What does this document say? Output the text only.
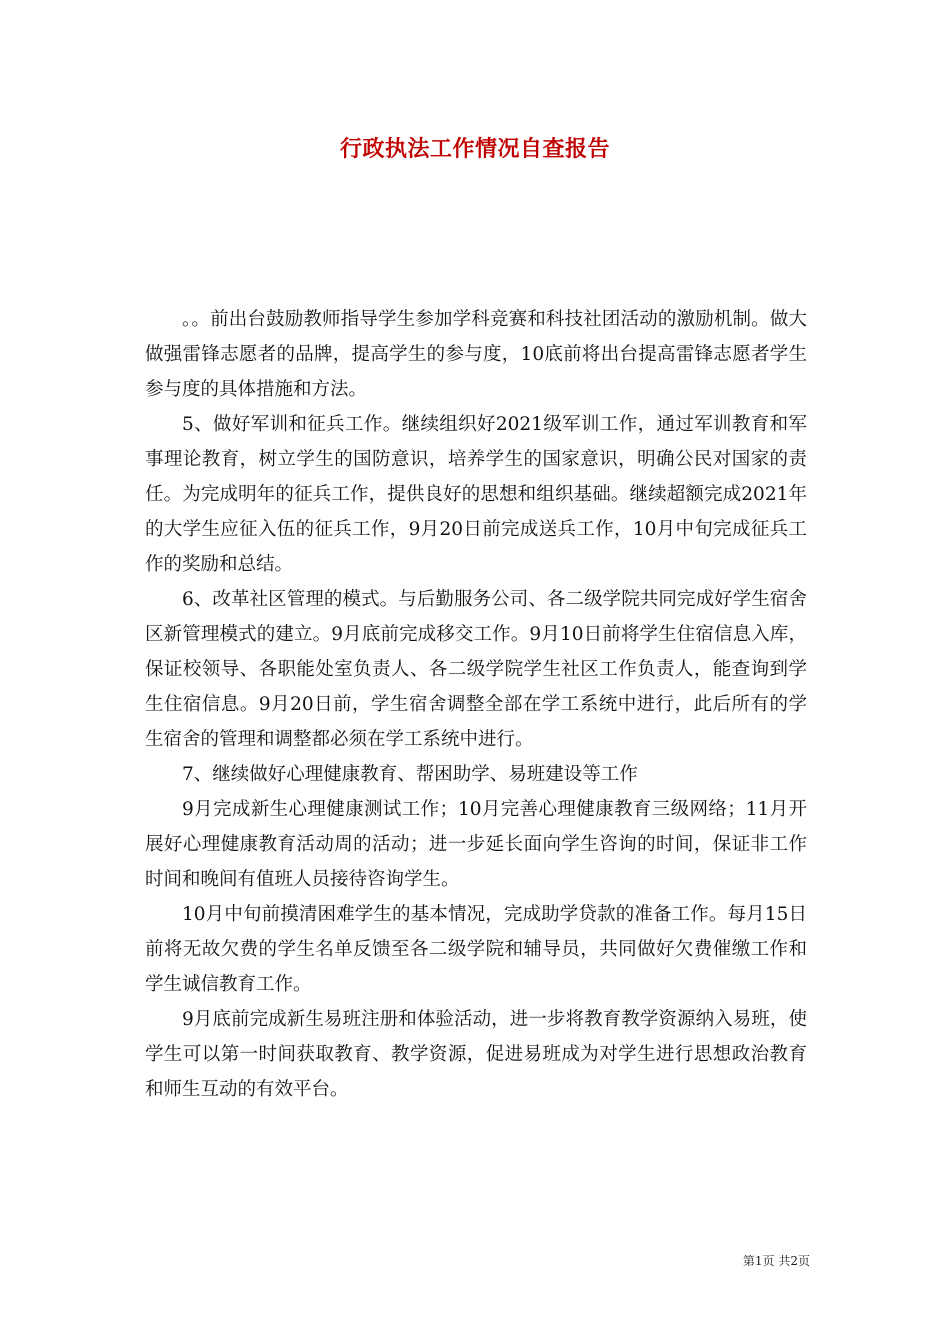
行政执法工作情况自查报告

。。前出台鼓励教师指导学生参加学科竞赛和科技社团活动的激励机制。做大做强雷锋志愿者的品牌，提高学生的参与度，10底前将出台提高雷锋志愿者学生参与度的具体措施和方法。

5、做好军训和征兵工作。继续组织好2021级军训工作，通过军训教育和军事理论教育，树立学生的国防意识，培养学生的国家意识，明确公民对国家的责任。为完成明年的征兵工作，提供良好的思想和组织基础。继续超额完成2021年的大学生应征入伍的征兵工作，9月20日前完成送兵工作，10月中旬完成征兵工作的奖励和总结。

6、改革社区管理的模式。与后勤服务公司、各二级学院共同完成好学生宿舍区新管理模式的建立。9月底前完成移交工作。9月10日前将学生住宿信息入库，保证校领导、各职能处室负责人、各二级学院学生社区工作负责人，能查询到学生住宿信息。9月20日前，学生宿舍调整全部在学工系统中进行，此后所有的学生宿舍的管理和调整都必须在学工系统中进行。

7、继续做好心理健康教育、帮困助学、易班建设等工作

9月完成新生心理健康测试工作；10月完善心理健康教育三级网络；11月开展好心理健康教育活动周的活动；进一步延长面向学生咨询的时间，保证非工作时间和晚间有值班人员接待咨询学生。

10月中旬前摸清困难学生的基本情况，完成助学贷款的准备工作。每月15日前将无故欠费的学生名单反馈至各二级学院和辅导员，共同做好欠费催缴工作和学生诚信教育工作。

9月底前完成新生易班注册和体验活动，进一步将教育教学资源纳入易班，使学生可以第一时间获取教育、教学资源，促进易班成为对学生进行思想政治教育和师生互动的有效平台。

第1页 共2页
